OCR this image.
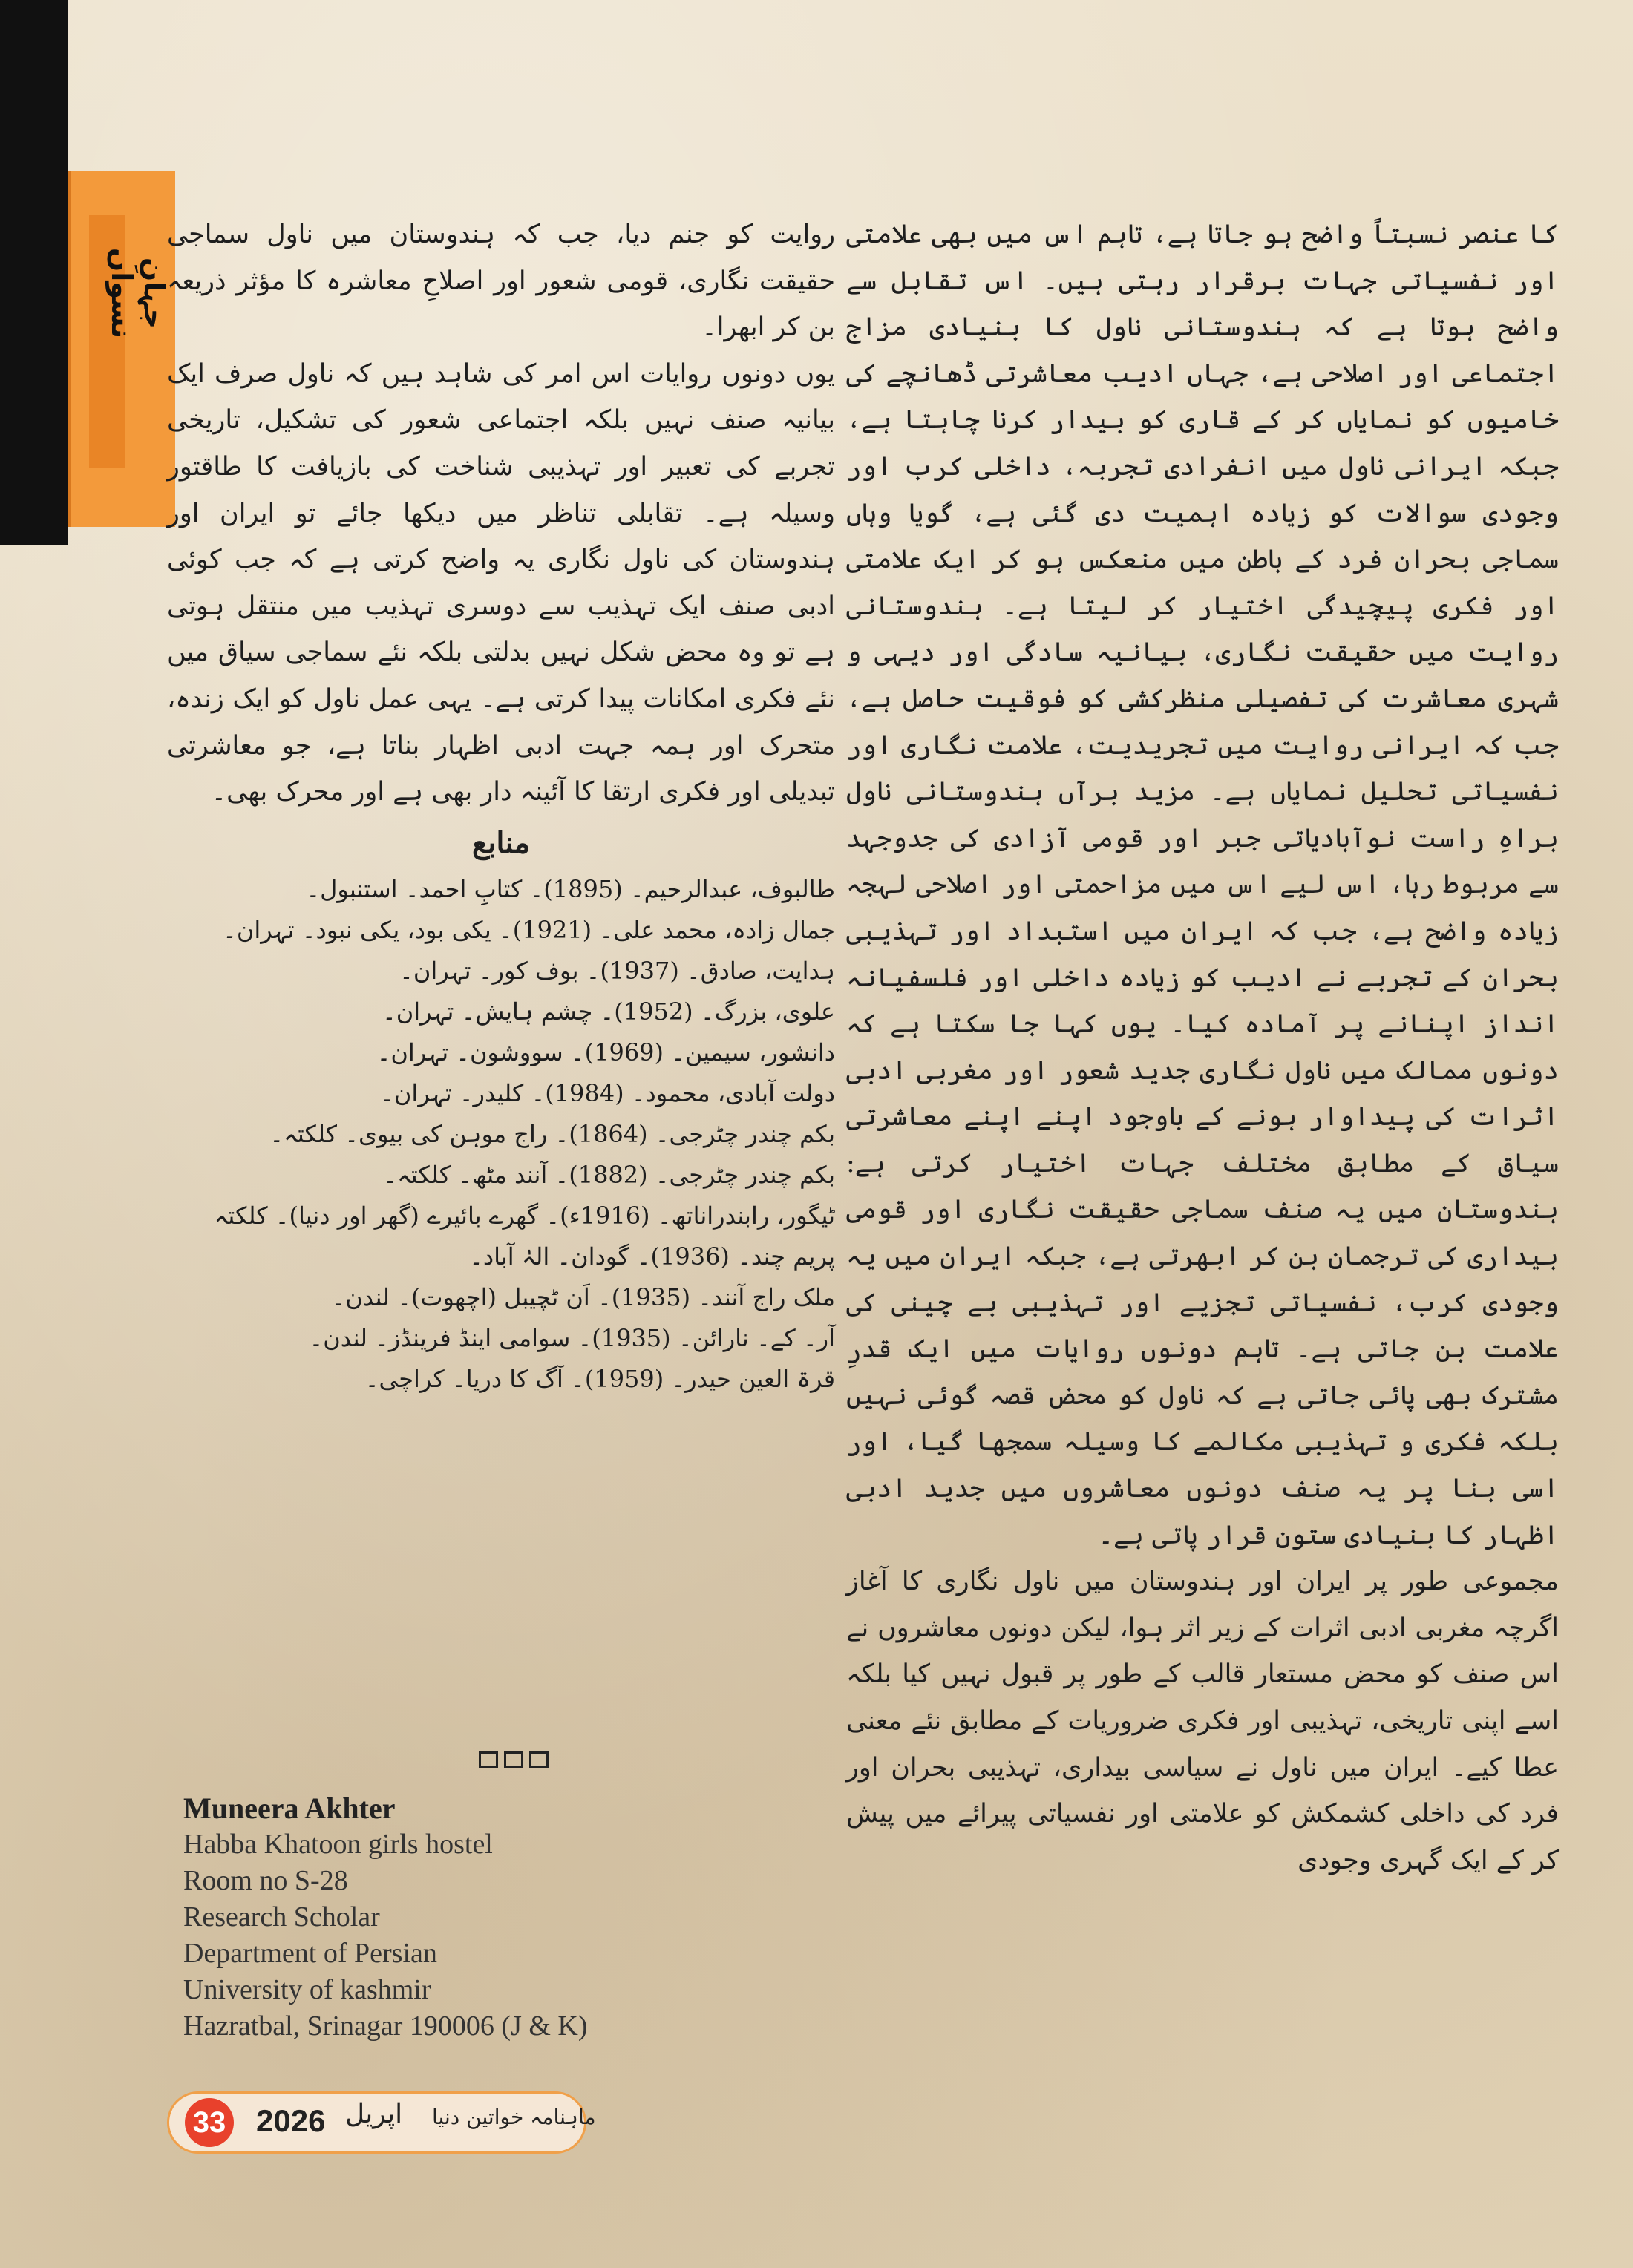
جہانِ نسواں

کا عنصر نسبتاً واضح ہو جاتا ہے، تاہم اس میں بھی علامتی اور نفسیاتی جہات برقرار رہتی ہیں۔ اس تقابل سے واضح ہوتا ہے کہ ہندوستانی ناول کا بنیادی مزاج اجتماعی اور اصلاحی ہے، جہاں ادیب معاشرتی ڈھانچے کی خامیوں کو نمایاں کر کے قاری کو بیدار کرنا چاہتا ہے، جبکہ ایرانی ناول میں انفرادی تجربہ، داخلی کرب اور وجودی سوالات کو زیادہ اہمیت دی گئی ہے، گویا وہاں سماجی بحران فرد کے باطن میں منعکس ہو کر ایک علامتی اور فکری پیچیدگی اختیار کر لیتا ہے۔ ہندوستانی روایت میں حقیقت نگاری، بیانیہ سادگی اور دیہی و شہری معاشرت کی تفصیلی منظرکشی کو فوقیت حاصل ہے، جب کہ ایرانی روایت میں تجریدیت، علامت نگاری اور نفسیاتی تحلیل نمایاں ہے۔ مزید برآں ہندوستانی ناول براہِ راست نوآبادیاتی جبر اور قومی آزادی کی جدوجہد سے مربوط رہا، اس لیے اس میں مزاحمتی اور اصلاحی لہجہ زیادہ واضح ہے، جب کہ ایران میں استبداد اور تہذیبی بحران کے تجربے نے ادیب کو زیادہ داخلی اور فلسفیانہ انداز اپنانے پر آمادہ کیا۔ یوں کہا جا سکتا ہے کہ دونوں ممالک میں ناول نگاری جدید شعور اور مغربی ادبی اثرات کی پیداوار ہونے کے باوجود اپنے اپنے معاشرتی سیاق کے مطابق مختلف جہات اختیار کرتی ہے: ہندوستان میں یہ صنف سماجی حقیقت نگاری اور قومی بیداری کی ترجمان بن کر ابھرتی ہے، جبکہ ایران میں یہ وجودی کرب، نفسیاتی تجزیے اور تہذیبی بے چینی کی علامت بن جاتی ہے۔ تاہم دونوں روایات میں ایک قدرِ مشترک بھی پائی جاتی ہے کہ ناول کو محض قصہ گوئی نہیں بلکہ فکری و تہذیبی مکالمے کا وسیلہ سمجھا گیا، اور اسی بنا پر یہ صنف دونوں معاشروں میں جدید ادبی اظہار کا بنیادی ستون قرار پاتی ہے۔

مجموعی طور پر ایران اور ہندوستان میں ناول نگاری کا آغاز اگرچہ مغربی ادبی اثرات کے زیر اثر ہوا، لیکن دونوں معاشروں نے اس صنف کو محض مستعار قالب کے طور پر قبول نہیں کیا بلکہ اسے اپنی تاریخی، تہذیبی اور فکری ضروریات کے مطابق نئے معنی عطا کیے۔ ایران میں ناول نے سیاسی بیداری، تہذیبی بحران اور فرد کی داخلی کشمکش کو علامتی اور نفسیاتی پیرائے میں پیش کر کے ایک گہری وجودی

روایت کو جنم دیا، جب کہ ہندوستان میں ناول سماجی حقیقت نگاری، قومی شعور اور اصلاحِ معاشرہ کا مؤثر ذریعہ بن کر ابھرا۔

یوں دونوں روایات اس امر کی شاہد ہیں کہ ناول صرف ایک بیانیہ صنف نہیں بلکہ اجتماعی شعور کی تشکیل، تاریخی تجربے کی تعبیر اور تہذیبی شناخت کی بازیافت کا طاقتور وسیلہ ہے۔ تقابلی تناظر میں دیکھا جائے تو ایران اور ہندوستان کی ناول نگاری یہ واضح کرتی ہے کہ جب کوئی ادبی صنف ایک تہذیب سے دوسری تہذیب میں منتقل ہوتی ہے تو وہ محض شکل نہیں بدلتی بلکہ نئے سماجی سیاق میں نئے فکری امکانات پیدا کرتی ہے۔ یہی عمل ناول کو ایک زندہ، متحرک اور ہمہ جہت ادبی اظہار بناتا ہے، جو معاشرتی تبدیلی اور فکری ارتقا کا آئینہ دار بھی ہے اور محرک بھی۔

منابع
طالبوف، عبدالرحیم۔ (1895)۔ کتابِ احمد۔ استنبول۔
جمال زادہ، محمد علی۔ (1921)۔ یکی بود، یکی نبود۔ تہران۔
ہدایت، صادق۔ (1937)۔ بوف کور۔ تہران۔
علوی، بزرگ۔ (1952)۔ چشم ہایش۔ تہران۔
دانشور، سیمین۔ (1969)۔ سووشون۔ تہران۔
دولت آبادی، محمود۔ (1984)۔ کلیدر۔ تہران۔
بکم چندر چٹرجی۔ (1864)۔ راج موہن کی بیوی۔ کلکتہ۔
بکم چندر چٹرجی۔ (1882)۔ آنند مٹھ۔ کلکتہ۔
ٹیگور، رابندراناتھ۔ (1916ء)۔ گھرے بائیرے (گھر اور دنیا)۔ کلکتہ
پریم چند۔ (1936)۔ گودان۔ الہٰ آباد۔
ملک راج آنند۔ (1935)۔ اَن ٹچیبل (اچھوت)۔ لندن۔
آر۔ کے۔ نارائن۔ (1935)۔ سوامی اینڈ فرینڈز۔ لندن۔
قرۃ العین حیدر۔ (1959)۔ آگ کا دریا۔ کراچی۔
Muneera Akhter
Habba Khatoon girls hostel
Room no S-28
Research Scholar
Department of Persian
University of kashmir
Hazratbal, Srinagar 190006 (J & K)
33 2026 اپریل ماہنامہ خواتین دنیا
